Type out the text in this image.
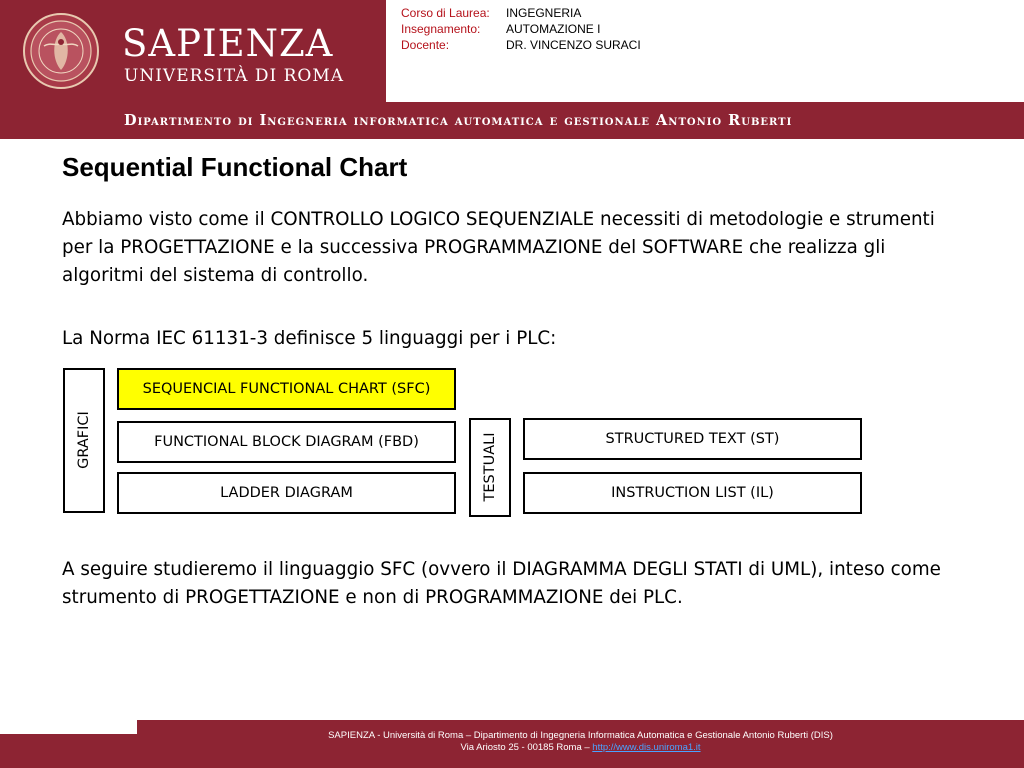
SAPIENZA
UNIVERSITÀ DI ROMA
Corso di Laurea:	INGEGNERIA
Insegnamento:	AUTOMAZIONE I
Docente:	DR. VINCENZO SURACI
Dipartimento di Ingegneria informatica automatica e gestionale Antonio Ruberti
Sequential Functional Chart
Abbiamo visto come il CONTROLLO LOGICO SEQUENZIALE necessiti di metodologie e strumenti per la PROGETTAZIONE e la successiva PROGRAMMAZIONE del SOFTWARE che realizza gli algoritmi del sistema di controllo.
La Norma IEC 61131-3 definisce 5 linguaggi per i PLC:
GRAFICI
SEQUENCIAL FUNCTIONAL CHART (SFC)
FUNCTIONAL BLOCK DIAGRAM (FBD)
LADDER DIAGRAM	TESTUALI	STRUCTURED TEXT (ST)
INSTRUCTION LIST (IL)
A seguire studieremo il linguaggio SFC (ovvero il DIAGRAMMA DEGLI STATI di UML), inteso come strumento di PROGETTAZIONE e non di PROGRAMMAZIONE dei PLC.
SAPIENZA - Università di Roma – Dipartimento di Ingegneria Informatica Automatica e Gestionale Antonio Ruberti (DIS)
Via Ariosto 25 - 00185 Roma – http://www.dis.uniroma1.it
